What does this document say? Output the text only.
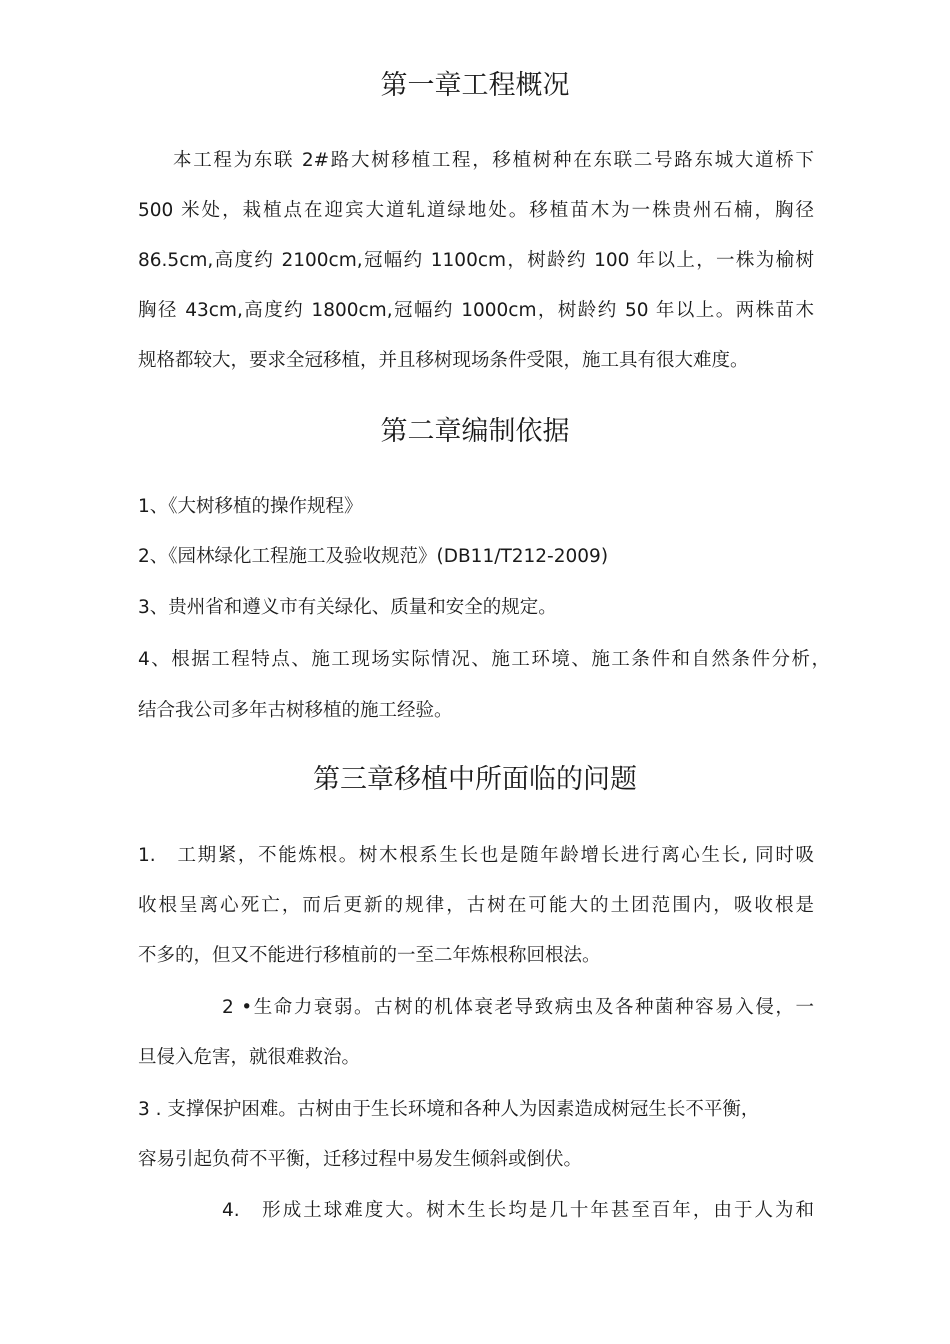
第一章工程概况

本工程为东联 2#路大树移植工程，移植树种在东联二号路东城大道桥下

500 米处，栽植点在迎宾大道轧道绿地处。移植苗木为一株贵州石楠，胸径

86.5cm,高度约 2100cm,冠幅约 1100cm，树龄约 100 年以上，一株为榆树

胸径 43cm,高度约 1800cm,冠幅约 1000cm，树龄约 50 年以上。两株苗木

规格都较大，要求全冠移植，并且移树现场条件受限，施工具有很大难度。

第二章编制依据

1、《大树移植的操作规程》

2、《园林绿化工程施工及验收规范》(DB11/T212-2009)

3、贵州省和遵义市有关绿化、质量和安全的规定。

4、根据工程特点、施工现场实际情况、施工环境、施工条件和自然条件分析，

结合我公司多年古树移植的施工经验。

第三章移植中所面临的问题

1.　工期紧，不能炼根。树木根系生长也是随年龄增长进行离心生长, 同时吸

收根呈离心死亡，而后更新的规律，古树在可能大的土团范围内，吸收根是

不多的，但又不能进行移植前的一至二年炼根称回根法。

2 •生命力衰弱。古树的机体衰老导致病虫及各种菌种容易入侵，一

旦侵入危害，就很难救治。

3 . 支撑保护困难。古树由于生长环境和各种人为因素造成树冠生长不平衡，

容易引起负荷不平衡，迁移过程中易发生倾斜或倒伏。

4.　形成土球难度大。树木生长均是几十年甚至百年，由于人为和
